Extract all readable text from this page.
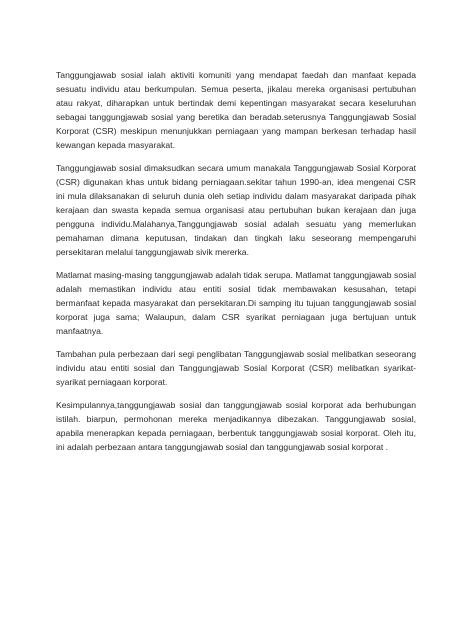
Tanggungjawab sosial ialah aktiviti komuniti yang mendapat faedah dan manfaat kepada sesuatu individu atau berkumpulan. Semua peserta, jikalau mereka organisasi pertubuhan atau rakyat, diharapkan untuk bertindak demi kepentingan masyarakat secara keseluruhan sebagai tanggungjawab sosial yang beretika dan beradab.seterusnya Tanggungjawab Sosial Korporat (CSR) meskipun menunjukkan perniagaan yang mampan berkesan terhadap hasil kewangan kepada masyarakat.

Tanggungjawab sosial dimaksudkan secara umum manakala Tanggungjawab Sosial Korporat (CSR) digunakan khas untuk bidang perniagaan.sekitar tahun 1990-an, idea mengenai CSR ini mula dilaksanakan di seluruh dunia oleh setiap individu dalam masyarakat daripada pihak kerajaan dan swasta kepada semua organisasi atau pertubuhan bukan kerajaan dan juga pengguna individu.Malahanya,Tanggungjawab sosial adalah sesuatu yang memerlukan pemahaman dimana keputusan, tindakan dan tingkah laku seseorang mempengaruhi persekitaran melalui tanggungjawab sivik mererka.

Matlamat masing-masing tanggungjawab adalah tidak serupa. Matlamat tanggungjawab sosial adalah memastikan individu atau entiti sosial tidak membawakan kesusahan, tetapi bermanfaat kepada masyarakat dan persekitaran.Di samping itu tujuan tanggungjawab sosial korporat juga sama; Walaupun, dalam CSR syarikat perniagaan juga bertujuan untuk manfaatnya.

Tambahan pula perbezaan dari segi penglibatan Tanggungjawab sosial melibatkan seseorang individu atau entiti sosial dan Tanggungjawab Sosial Korporat (CSR) melibatkan syarikat-syarikat perniagaan korporat.

Kesimpulannya,tanggungjawab sosial dan tanggungjawab sosial korporat ada berhubungan istilah. biarpun, permohonan mereka menjadikannya dibezakan. Tanggungjawab sosial, apabila menerapkan kepada perniagaan, berbentuk tanggungjawab sosial korporat. Oleh itu, ini adalah perbezaan antara tanggungjawab sosial dan tanggungjawab sosial korporat .
